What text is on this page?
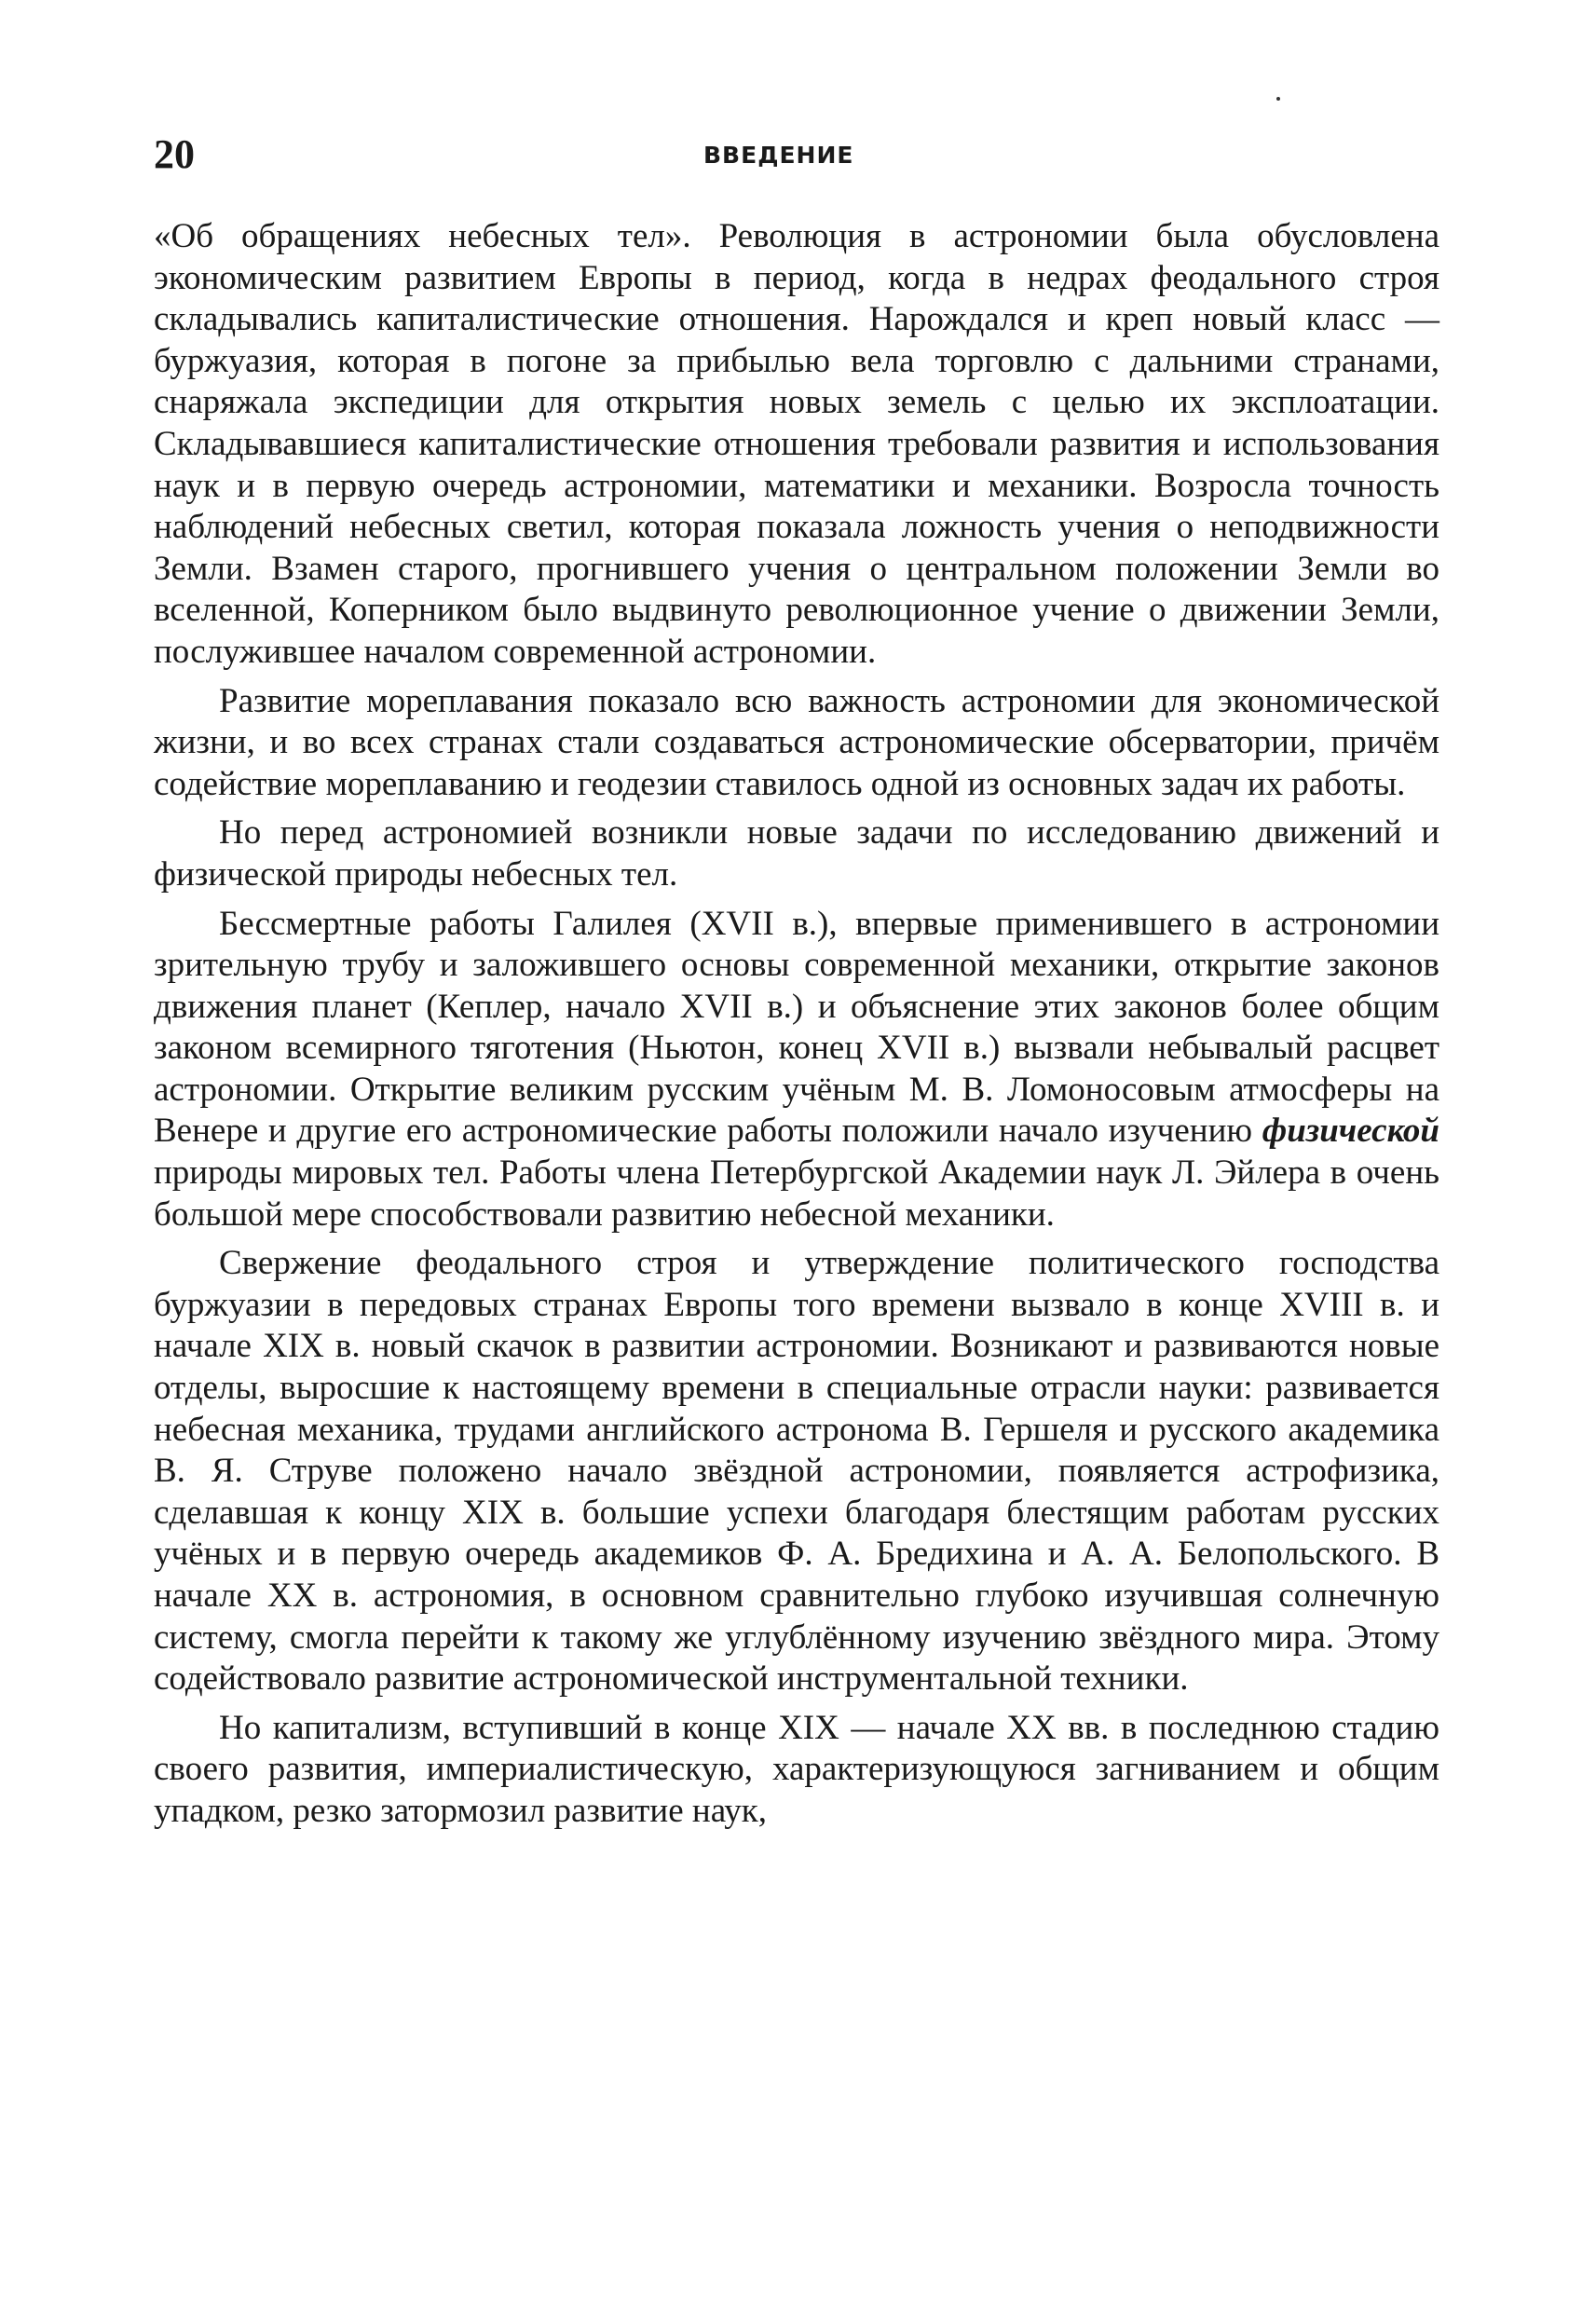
20	ВВЕДЕНИЕ

«Об обращениях небесных тел». Революция в астрономии была обусловлена экономическим развитием Европы в период, когда в недрах феодального строя складывались капиталистические отношения. Нарождался и креп новый класс — буржуазия, которая в погоне за прибылью вела торговлю с дальними странами, снаряжала экспедиции для открытия новых земель с целью их эксплоатации. Складывавшиеся капиталистические отношения требовали развития и использования наук и в первую очередь астрономии, математики и механики. Возросла точность наблюдений небесных светил, которая показала ложность учения о неподвижности Земли. Взамен старого, прогнившего учения о центральном положении Земли во вселенной, Коперником было выдвинуто революционное учение о движении Земли, послужившее началом современной астрономии.

Развитие мореплавания показало всю важность астрономии для экономической жизни, и во всех странах стали создаваться астрономические обсерватории, причём содействие мореплаванию и геодезии ставилось одной из основных задач их работы.

Но перед астрономией возникли новые задачи по исследованию движений и физической природы небесных тел.

Бессмертные работы Галилея (XVII в.), впервые применившего в астрономии зрительную трубу и заложившего основы современной механики, открытие законов движения планет (Кеплер, начало XVII в.) и объяснение этих законов более общим законом всемирного тяготения (Ньютон, конец XVII в.) вызвали небывалый расцвет астрономии. Открытие великим русским учёным М. В. Ломоносовым атмосферы на Венере и другие его астрономические работы положили начало изучению физической природы мировых тел. Работы члена Петербургской Академии наук Л. Эйлера в очень большой мере способствовали развитию небесной механики.

Свержение феодального строя и утверждение политического господства буржуазии в передовых странах Европы того времени вызвало в конце XVIII в. и начале XIX в. новый скачок в развитии астрономии. Возникают и развиваются новые отделы, выросшие к настоящему времени в специальные отрасли науки: развивается небесная механика, трудами английского астронома В. Гершеля и русского академика В. Я. Струве положено начало звёздной астрономии, появляется астрофизика, сделавшая к концу XIX в. большие успехи благодаря блестящим работам русских учёных и в первую очередь академиков Ф. А. Бредихина и А. А. Белопольского. В начале XX в. астрономия, в основном сравнительно глубоко изучившая солнечную систему, смогла перейти к такому же углублённому изучению звёздного мира. Этому содействовало развитие астрономической инструментальной техники.

Но капитализм, вступивший в конце XIX — начале XX вв. в последнюю стадию своего развития, империалистическую, характеризующуюся загниванием и общим упадком, резко затормозил развитие наук,
